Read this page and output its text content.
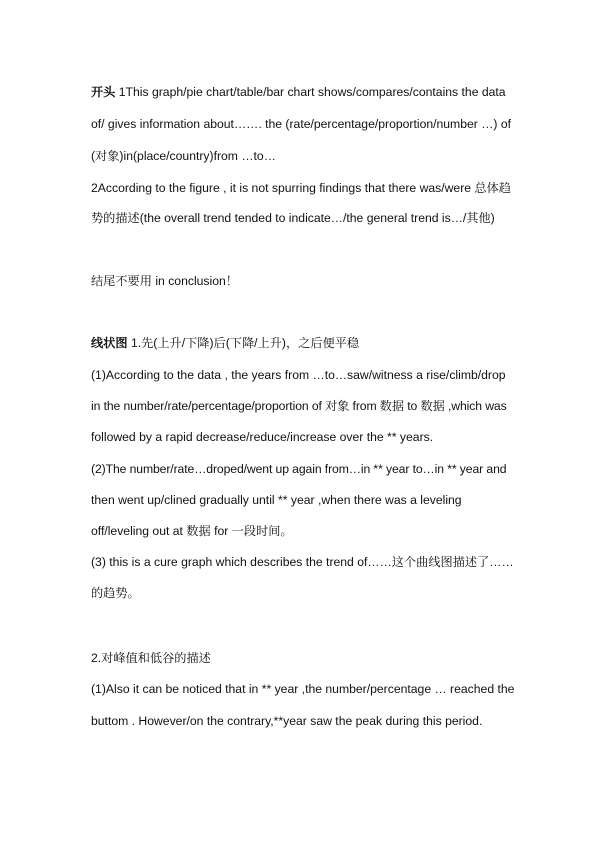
开头 1This graph/pie chart/table/bar chart shows/compares/contains the data
of/ gives information about……. the (rate/percentage/proportion/number …) of
(对象)in(place/country)from …to…
2According to the figure , it is not spurring findings that there was/were 总体趋
势的描述(the overall trend tended to indicate…/the general trend is…/其他)
结尾不要用 in conclusion！
线状图 1.先(上升/下降)后(下降/上升)，之后便平稳
(1)According to the data , the years from …to…saw/witness a rise/climb/drop
in the number/rate/percentage/proportion of 对象 from 数据 to 数据 ,which was
followed by a rapid decrease/reduce/increase over the ** years.
(2)The number/rate…droped/went up again from…in ** year to…in ** year and
then went up/clined gradually until ** year ,when there was a leveling
off/leveling out at 数据 for 一段时间。
(3) this is a cure graph which describes the trend of……这个曲线图描述了……
的趋势。
2.对峰值和低谷的描述
(1)Also it can be noticed that in ** year ,the number/percentage … reached the
buttom . However/on the contrary,**year saw the peak during this period.
